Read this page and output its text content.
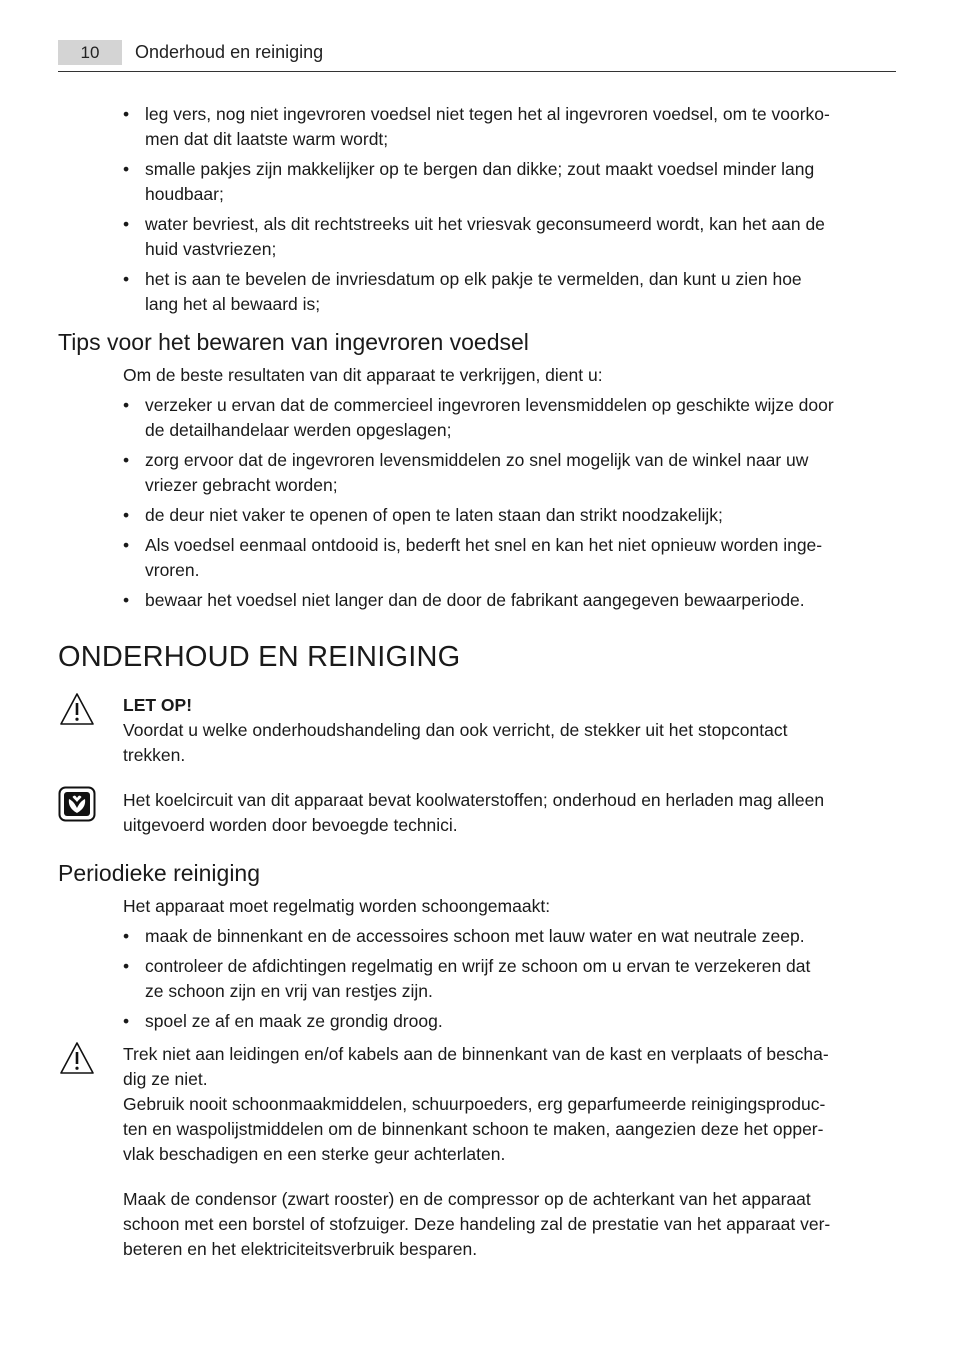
10	Onderhoud en reiniging
• leg vers, nog niet ingevroren voedsel niet tegen het al ingevroren voedsel, om te voorko-
men dat dit laatste warm wordt;
• smalle pakjes zijn makkelijker op te bergen dan dikke; zout maakt voedsel minder lang
houdbaar;
• water bevriest, als dit rechtstreeks uit het vriesvak geconsumeerd wordt, kan het aan de
huid vastvriezen;
• het is aan te bevelen de invriesdatum op elk pakje te vermelden, dan kunt u zien hoe
lang het al bewaard is;
Tips voor het bewaren van ingevroren voedsel
Om de beste resultaten van dit apparaat te verkrijgen, dient u:
• verzeker u ervan dat de commercieel ingevroren levensmiddelen op geschikte wijze door
de detailhandelaar werden opgeslagen;
• zorg ervoor dat de ingevroren levensmiddelen zo snel mogelijk van de winkel naar uw
vriezer gebracht worden;
• de deur niet vaker te openen of open te laten staan dan strikt noodzakelijk;
• Als voedsel eenmaal ontdooid is, bederft het snel en kan het niet opnieuw worden inge-
vroren.
• bewaar het voedsel niet langer dan de door de fabrikant aangegeven bewaarperiode.
ONDERHOUD EN REINIGING
LET OP!
Voordat u welke onderhoudshandeling dan ook verricht, de stekker uit het stopcontact
trekken.
Het koelcircuit van dit apparaat bevat koolwaterstoffen; onderhoud en herladen mag alleen
uitgevoerd worden door bevoegde technici.
Periodieke reiniging
Het apparaat moet regelmatig worden schoongemaakt:
• maak de binnenkant en de accessoires schoon met lauw water en wat neutrale zeep.
• controleer de afdichtingen regelmatig en wrijf ze schoon om u ervan te verzekeren dat
ze schoon zijn en vrij van restjes zijn.
• spoel ze af en maak ze grondig droog.
Trek niet aan leidingen en/of kabels aan de binnenkant van de kast en verplaats of bescha-
dig ze niet.
Gebruik nooit schoonmaakmiddelen, schuurpoeders, erg geparfumeerde reinigingsproduc-
ten en waspolijstmiddelen om de binnenkant schoon te maken, aangezien deze het opper-
vlak beschadigen en een sterke geur achterlaten.
Maak de condensor (zwart rooster) en de compressor op de achterkant van het apparaat
schoon met een borstel of stofzuiger. Deze handeling zal de prestatie van het apparaat ver-
beteren en het elektriciteitsverbruik besparen.
